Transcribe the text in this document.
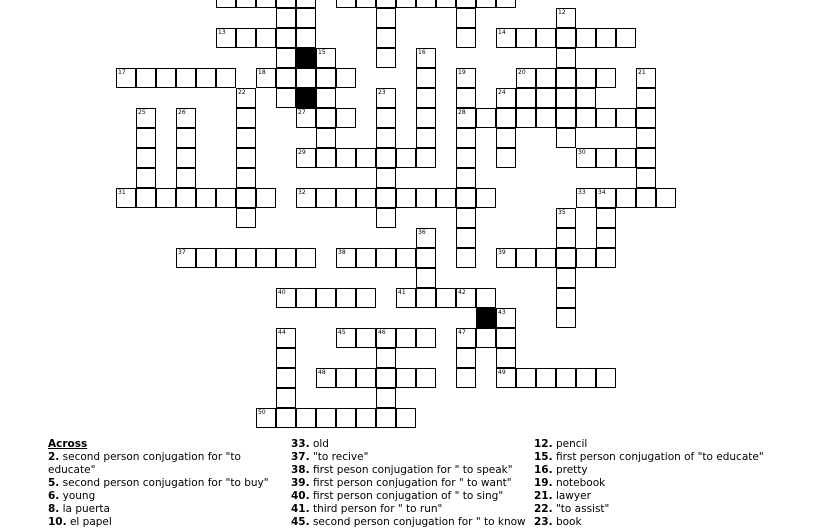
12
13	14
15	16
17	18	19	20	21
22	23	24
25	26	27	28
29	30
31	32	33 34
35
36
37	38	39
40	41	42
43
44	45	46	47
48	49
50
Across
2. second person conjugation for "to educate"
5. second person conjugation for "to buy"
6. young
8. la puerta
10. el papel
33. old
37. "to recive"
38. first peson conjugation for " to speak"
39. first person conjugation for " to want"
40. first person conjugation of " to sing"
41. third person for " to run"
45. second person conjugation for " to know
12. pencil
15. first person conjugation of "to educate"
16. pretty
19. notebook
21. lawyer
22. "to assist"
23. book
